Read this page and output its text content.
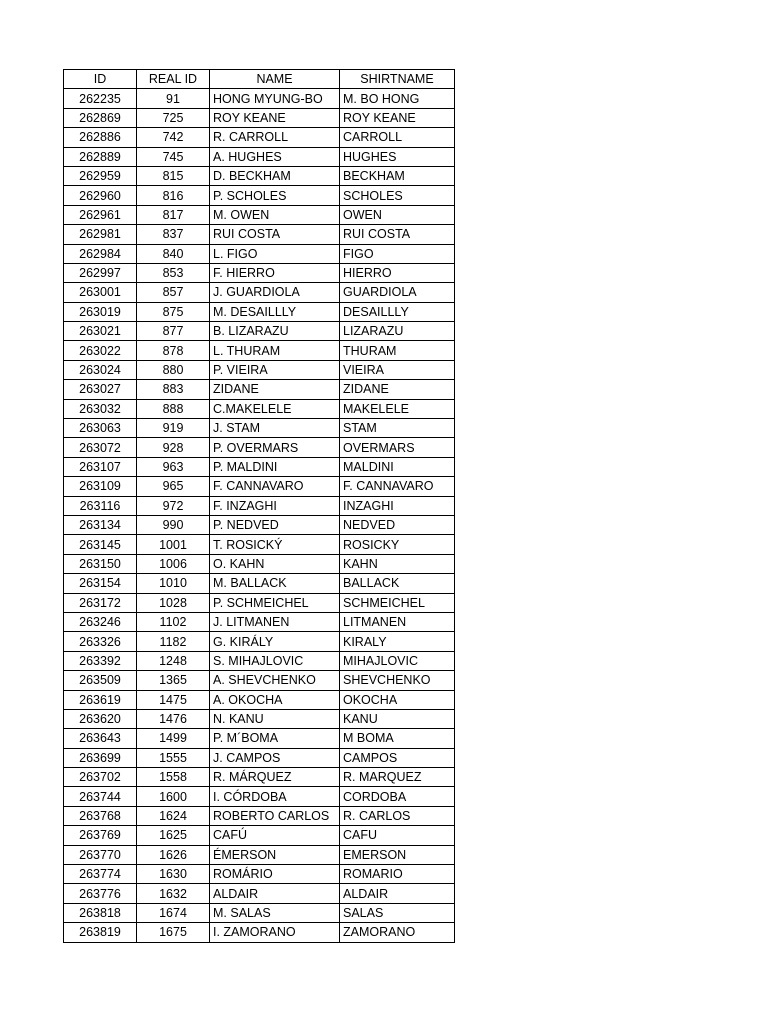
ID	REAL ID	NAME	SHIRTNAME
262235	91	HONG MYUNG-BO	M. BO HONG
262869	725	ROY KEANE	ROY KEANE
262886	742	R. CARROLL	CARROLL
262889	745	A. HUGHES	HUGHES
262959	815	D. BECKHAM	BECKHAM
262960	816	P. SCHOLES	SCHOLES
262961	817	M. OWEN	OWEN
262981	837	RUI COSTA	RUI COSTA
262984	840	L. FIGO	FIGO
262997	853	F. HIERRO	HIERRO
263001	857	J. GUARDIOLA	GUARDIOLA
263019	875	M. DESAILLLY	DESAILLLY
263021	877	B. LIZARAZU	LIZARAZU
263022	878	L. THURAM	THURAM
263024	880	P. VIEIRA	VIEIRA
263027	883	ZIDANE	ZIDANE
263032	888	C.MAKELELE	MAKELELE
263063	919	J. STAM	STAM
263072	928	P. OVERMARS	OVERMARS
263107	963	P. MALDINI	MALDINI
263109	965	F. CANNAVARO	F. CANNAVARO
263116	972	F. INZAGHI	INZAGHI
263134	990	P. NEDVED	NEDVED
263145	1001	T. ROSICKÝ	ROSICKY
263150	1006	O. KAHN	KAHN
263154	1010	M. BALLACK	BALLACK
263172	1028	P. SCHMEICHEL	SCHMEICHEL
263246	1102	J. LITMANEN	LITMANEN
263326	1182	G. KIRÁLY	KIRALY
263392	1248	S. MIHAJLOVIC	MIHAJLOVIC
263509	1365	A. SHEVCHENKO	SHEVCHENKO
263619	1475	A. OKOCHA	OKOCHA
263620	1476	N. KANU	KANU
263643	1499	P. M´BOMA	M BOMA
263699	1555	J. CAMPOS	CAMPOS
263702	1558	R. MÁRQUEZ	R. MARQUEZ
263744	1600	I. CÓRDOBA	CORDOBA
263768	1624	ROBERTO CARLOS	R. CARLOS
263769	1625	CAFÚ	CAFU
263770	1626	ÉMERSON	EMERSON
263774	1630	ROMÁRIO	ROMARIO
263776	1632	ALDAIR	ALDAIR
263818	1674	M. SALAS	SALAS
263819	1675	I. ZAMORANO	ZAMORANO
